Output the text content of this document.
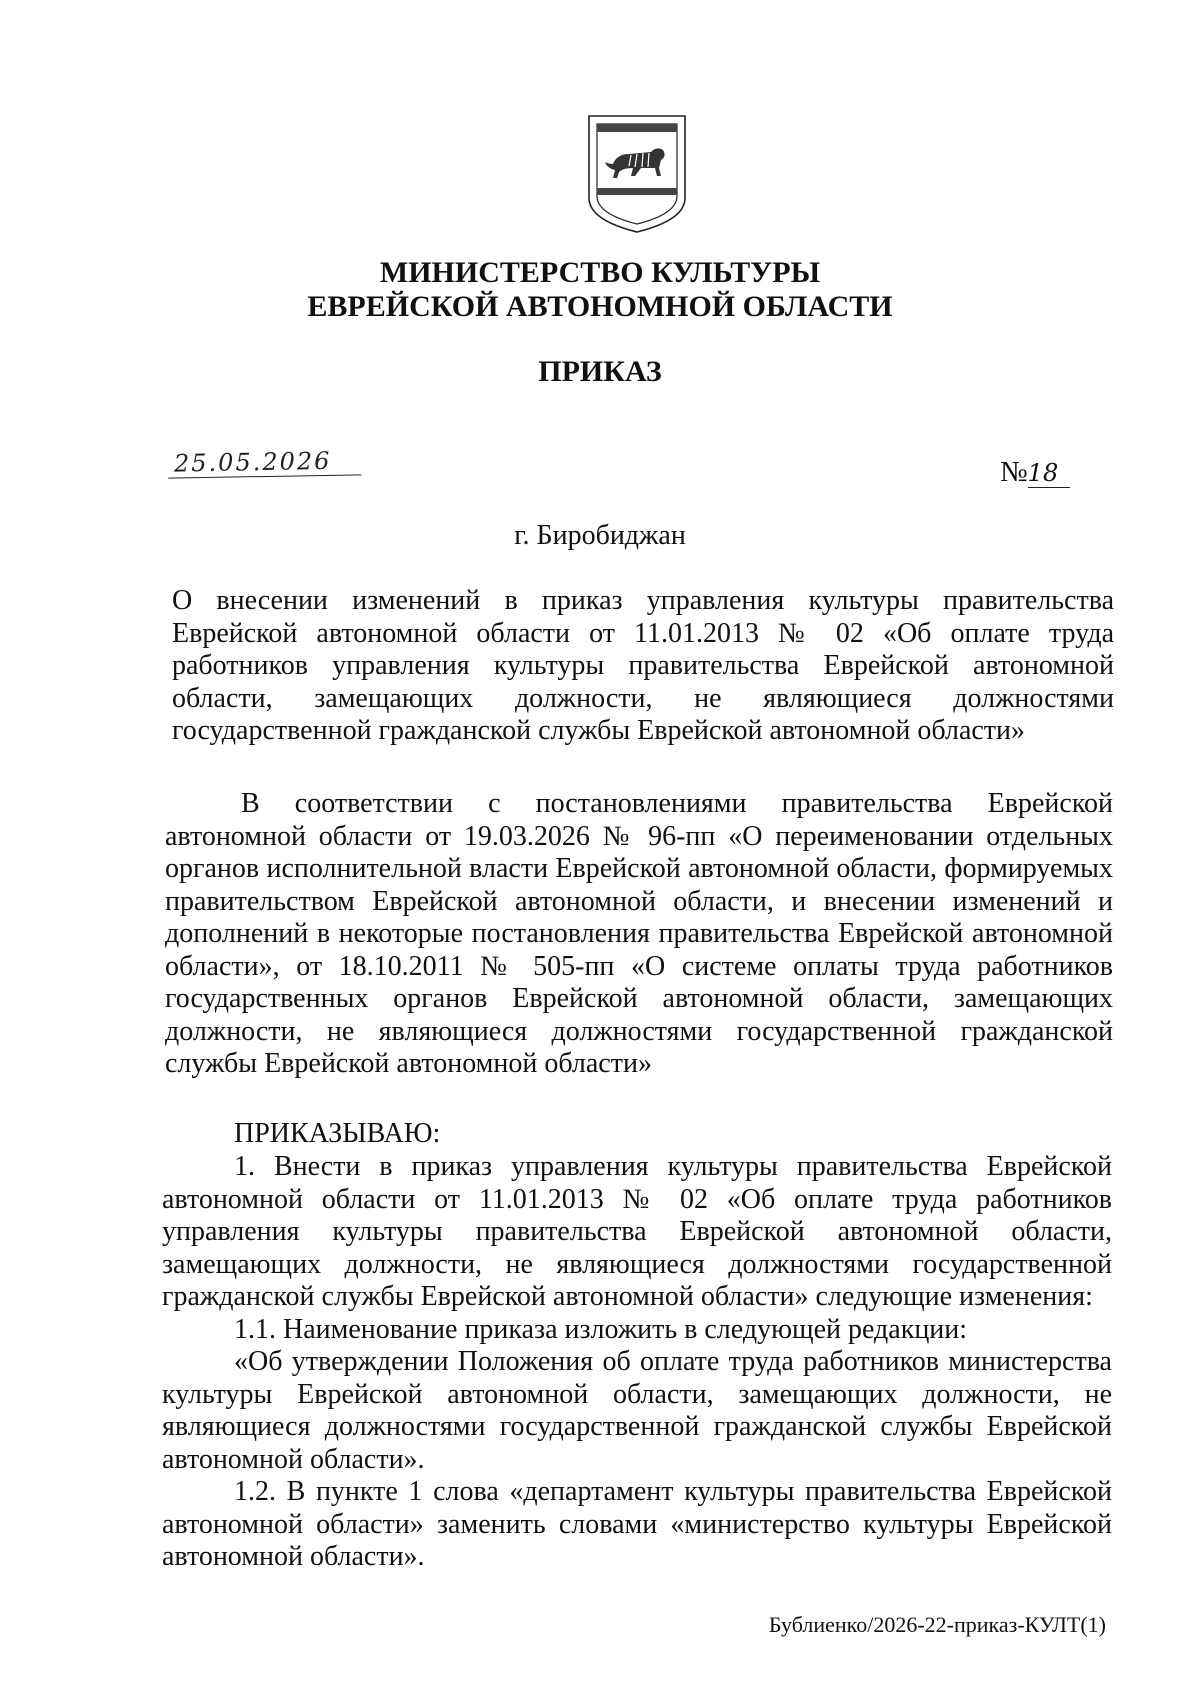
МИНИСТЕРСТВО КУЛЬТУРЫ
ЕВРЕЙСКОЙ АВТОНОМНОЙ ОБЛАСТИ
ПРИКАЗ
25.05.2026	№18
г. Биробиджан

О внесении изменений в приказ управления культуры правительства Еврейской автономной области от 11.01.2013 № 02 «Об оплате труда работников управления культуры правительства Еврейской автономной области, замещающих должности, не являющиеся должностями государственной гражданской службы Еврейской автономной области»

В соответствии с постановлениями правительства Еврейской автономной области от 19.03.2026 № 96-пп «О переименовании отдельных органов исполнительной власти Еврейской автономной области, формируемых правительством Еврейской автономной области, и внесении изменений и дополнений в некоторые постановления правительства Еврейской автономной области», от 18.10.2011 № 505-пп «О системе оплаты труда работников государственных органов Еврейской автономной области, замещающих должности, не являющиеся должностями государственной гражданской службы Еврейской автономной области»

ПРИКАЗЫВАЮ:

1. Внести в приказ управления культуры правительства Еврейской автономной области от 11.01.2013 № 02 «Об оплате труда работников управления культуры правительства Еврейской автономной области, замещающих должности, не являющиеся должностями государственной гражданской службы Еврейской автономной области» следующие изменения:

1.1. Наименование приказа изложить в следующей редакции:

«Об утверждении Положения об оплате труда работников министерства культуры Еврейской автономной области, замещающих должности, не являющиеся должностями государственной гражданской службы Еврейской автономной области».

1.2. В пункте 1 слова «департамент культуры правительства Еврейской автономной области» заменить словами «министерство культуры Еврейской автономной области».

Бублиенко/2026-22-приказ-КУЛТ(1)
